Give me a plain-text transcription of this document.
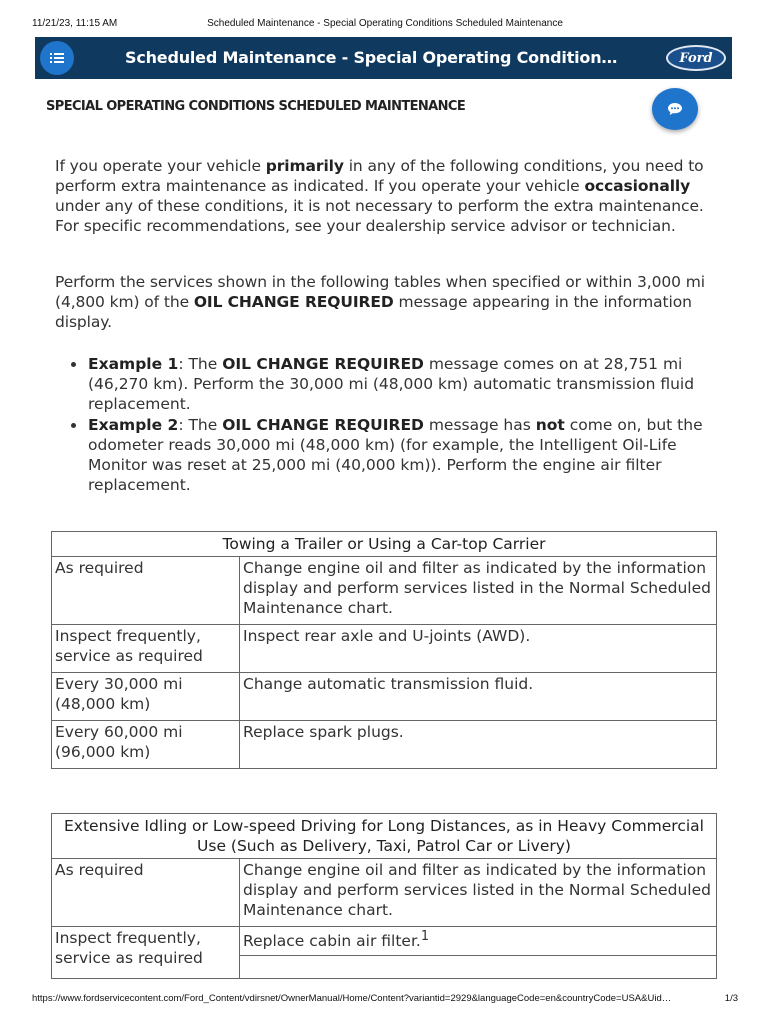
11/21/23, 11:15 AM	Scheduled Maintenance - Special Operating Conditions Scheduled Maintenance
Scheduled Maintenance - Special Operating Condition…	Ford
SPECIAL OPERATING CONDITIONS SCHEDULED MAINTENANCE

If you operate your vehicle primarily in any of the following conditions, you need to perform extra maintenance as indicated. If you operate your vehicle occasionally under any of these conditions, it is not necessary to perform the extra maintenance. For specific recommendations, see your dealership service advisor or technician.

Perform the services shown in the following tables when specified or within 3,000 mi (4,800 km) of the OIL CHANGE REQUIRED message appearing in the information display.

Example 1: The OIL CHANGE REQUIRED message comes on at 28,751 mi (46,270 km). Perform the 30,000 mi (48,000 km) automatic transmission fluid replacement.
Example 2: The OIL CHANGE REQUIRED message has not come on, but the odometer reads 30,000 mi (48,000 km) (for example, the Intelligent Oil-Life Monitor was reset at 25,000 mi (40,000 km)). Perform the engine air filter replacement.
Towing a Trailer or Using a Car-top Carrier	
As required	Change engine oil and filter as indicated by the information display and perform services listed in the Normal Scheduled Maintenance chart.
Inspect frequently, service as required	Inspect rear axle and U-joints (AWD).
Every 30,000 mi (48,000 km)	Change automatic transmission fluid.
Every 60,000 mi (96,000 km)	Replace spark plugs.
Extensive Idling or Low-speed Driving for Long Distances, as in Heavy Commercial Use (Such as Delivery, Taxi, Patrol Car or Livery)	
As required	Change engine oil and filter as indicated by the information display and perform services listed in the Normal Scheduled Maintenance chart.
Inspect frequently, service as required	Replace cabin air filter.$^1$
https://www.fordservicecontent.com/Ford_Content/vdirsnet/OwnerManual/Home/Content?variantid=2929&languageCode=en&countryCode=USA&Uid…	1/3
